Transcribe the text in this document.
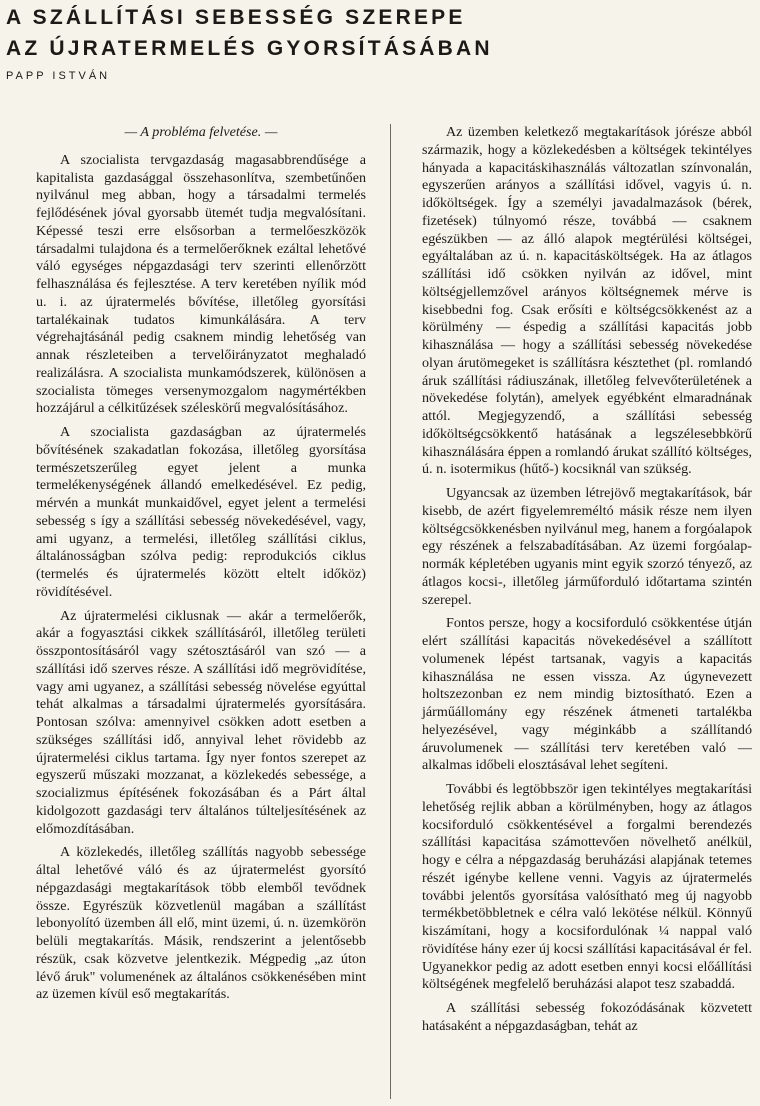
A SZÁLLÍTÁSI SEBESSÉG SZEREPE
AZ ÚJRATERMELÉS GYORSÍTÁSÁBAN

PAPP ISTVÁN

— A probléma felvetése. —

A szocialista tervgazdaság magasabbrendűsége a kapitalista gazdasággal összehasonlítva, szembetűnően nyilvánul meg abban, hogy a társadalmi termelés fejlődésének jóval gyorsabb ütemét tudja megvalósítani. Képessé teszi erre elsősorban a termelőeszközök társadalmi tulajdona és a termelőerőknek ezáltal lehetővé váló egységes népgazdasági terv szerinti ellenőrzött felhasználása és fejlesztése. A terv keretében nyílik mód u. i. az újratermelés bővítése, illetőleg gyorsítási tartalékainak tudatos kimunkálására. A terv végrehajtásánál pedig csaknem mindig lehetőség van annak részleteiben a tervelőirányzatot meghaladó realizálásra. A szocialista munkamódszerek, különösen a szocialista tömeges versenymozgalom nagymértékben hozzájárul a célkitűzések széleskörű megvalósításához.

A szocialista gazdaságban az újratermelés bővítésének szakadatlan fokozása, illetőleg gyorsítása természetszerűleg egyet jelent a munka termelékenységének állandó emelkedésével. Ez pedig, mérvén a munkát munkaidővel, egyet jelent a termelési sebesség s így a szállítási sebesség növekedésével, vagy, ami ugyanz, a termelési, illetőleg szállítási ciklus, általánosságban szólva pedig: reprodukciós ciklus (termelés és újratermelés között eltelt időköz) rövidítésével.

Az újratermelési ciklusnak — akár a termelőerők, akár a fogyasztási cikkek szállításáról, illetőleg területi összpontosításáról vagy szétosztásáról van szó — a szállítási idő szerves része. A szállítási idő megrövidítése, vagy ami ugyanez, a szállítási sebesség növelése egyúttal tehát alkalmas a társadalmi újratermelés gyorsítására. Pontosan szólva: amennyivel csökken adott esetben a szükséges szállítási idő, annyival lehet rövidebb az újratermelési ciklus tartama. Így nyer fontos szerepet az egyszerű műszaki mozzanat, a közlekedés sebessége, a szocializmus építésének fokozásában és a Párt által kidolgozott gazdasági terv általános túlteljesítésének az előmozdításában.

A közlekedés, illetőleg szállítás nagyobb sebessége által lehetővé váló és az újratermelést gyorsító népgazdasági megtakarítások több elemből tevődnek össze. Egyrészük közvetlenül magában a szállítást lebonyolító üzemben áll elő, mint üzemi, ú. n. üzemkörön belüli megtakarítás. Másik, rendszerint a jelentősebb részük, csak közvetve jelentkezik. Mégpedig „az úton lévő áruk" volumenének az általános csökkenésében mint az üzemen kívül eső megtakarítás.

Az üzemben keletkező megtakarítások jórésze abból származik, hogy a közlekedésben a költségek tekintélyes hányada a kapacitáskihasználás változatlan színvonalán, egyszerűen arányos a szállítási idővel, vagyis ú. n. időköltségek. Így a személyi javadalmazások (bérek, fizetések) túlnyomó része, továbbá — csaknem egészükben — az álló alapok megtérülési költségei, egyáltalában az ú. n. kapacitásköltségek. Ha az átlagos szállítási idő csökken nyilván az idővel, mint költségjellemzővel arányos költségnemek mérve is kisebbedni fog. Csak erősíti e költségcsökkenést az a körülmény — éspedig a szállítási kapacitás jobb kihasználása — hogy a szállítási sebesség növekedése olyan árutömegeket is szállításra késztethet (pl. romlandó áruk szállítási rádiuszának, illetőleg felvevőterületének a növekedése folytán), amelyek egyébként elmaradnának attól. Megjegyzendő, a szállítási sebesség időköltségcsökkentő hatásának a legszélesebbkörű kihasználására éppen a romlandó árukat szállító költséges, ú. n. isotermikus (hűtő-) kocsiknál van szükség.

Ugyancsak az üzemben létrejövő megtakarítások, bár kisebb, de azért figyelemreméltó másik része nem ilyen költségcsökkenésben nyilvánul meg, hanem a forgóalapok egy részének a felszabadításában. Az üzemi forgóalap-normák képletében ugyanis mint egyik szorzó tényező, az átlagos kocsi-, illetőleg járműforduló időtartama szintén szerepel.

Fontos persze, hogy a kocsiforduló csökkentése útján elért szállítási kapacitás növekedésével a szállított volumenek lépést tartsanak, vagyis a kapacitás kihasználása ne essen vissza. Az úgynevezett holtszezonban ez nem mindig biztosítható. Ezen a járműállomány egy részének átmeneti tartalékba helyezésével, vagy méginkább a szállítandó áruvolumenek — szállítási terv keretében való — alkalmas időbeli elosztásával lehet segíteni.

További és legtöbbször igen tekintélyes megtakarítási lehetőség rejlik abban a körülményben, hogy az átlagos kocsiforduló csökkentésével a forgalmi berendezés szállítási kapacitása számottevően növelhető anélkül, hogy e célra a népgazdaság beruházási alapjának tetemes részét igénybe kellene venni. Vagyis az újratermelés további jelentős gyorsítása valósítható meg új nagyobb termékbetöbbletnek e célra való lekötése nélkül. Könnyű kiszámítani, hogy a kocsifordulónak ¼ nappal való rövidítése hány ezer új kocsi szállítási kapacitásával ér fel. Ugyanekkor pedig az adott esetben ennyi kocsi előállítási költségének megfelelő beruházási alapot tesz szabaddá.

A szállítási sebesség fokozódásának közvetett hatásaként a népgazdaságban, tehát az
